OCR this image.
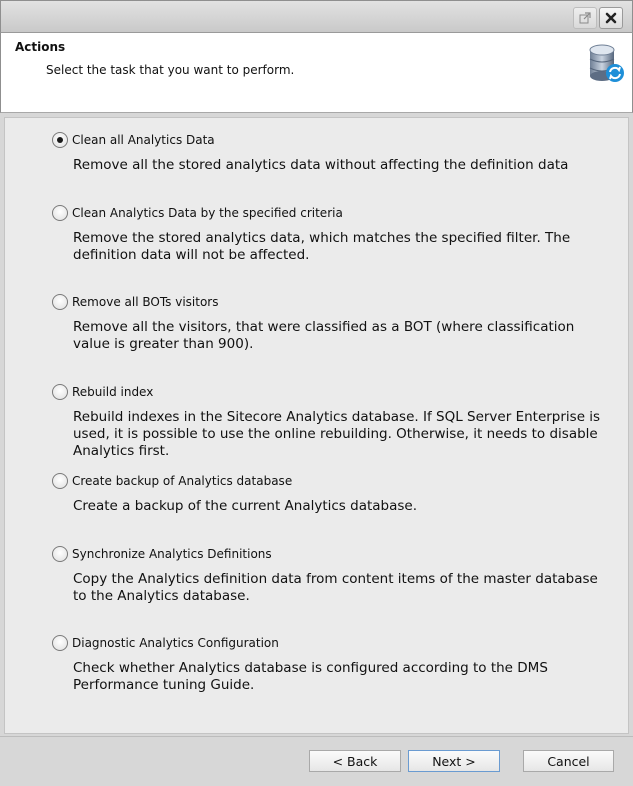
Actions
Select the task that you want to perform.
Clean all Analytics Data
Remove all the stored analytics data without affecting the definition data
Clean Analytics Data by the specified criteria
Remove the stored analytics data, which matches the specified filter. The definition data will not be affected.
Remove all BOTs visitors
Remove all the visitors, that were classified as a BOT (where classification value is greater than 900).
Rebuild index
Rebuild indexes in the Sitecore Analytics database. If SQL Server Enterprise is used, it is possible to use the online rebuilding. Otherwise, it needs to disable Analytics first.
Create backup of Analytics database
Create a backup of the current Analytics database.
Synchronize Analytics Definitions
Copy the Analytics definition data from content items of the master database to the Analytics database.
Diagnostic Analytics Configuration
Check whether Analytics database is configured according to the DMS Performance tuning Guide.
< Back	Next >	Cancel
